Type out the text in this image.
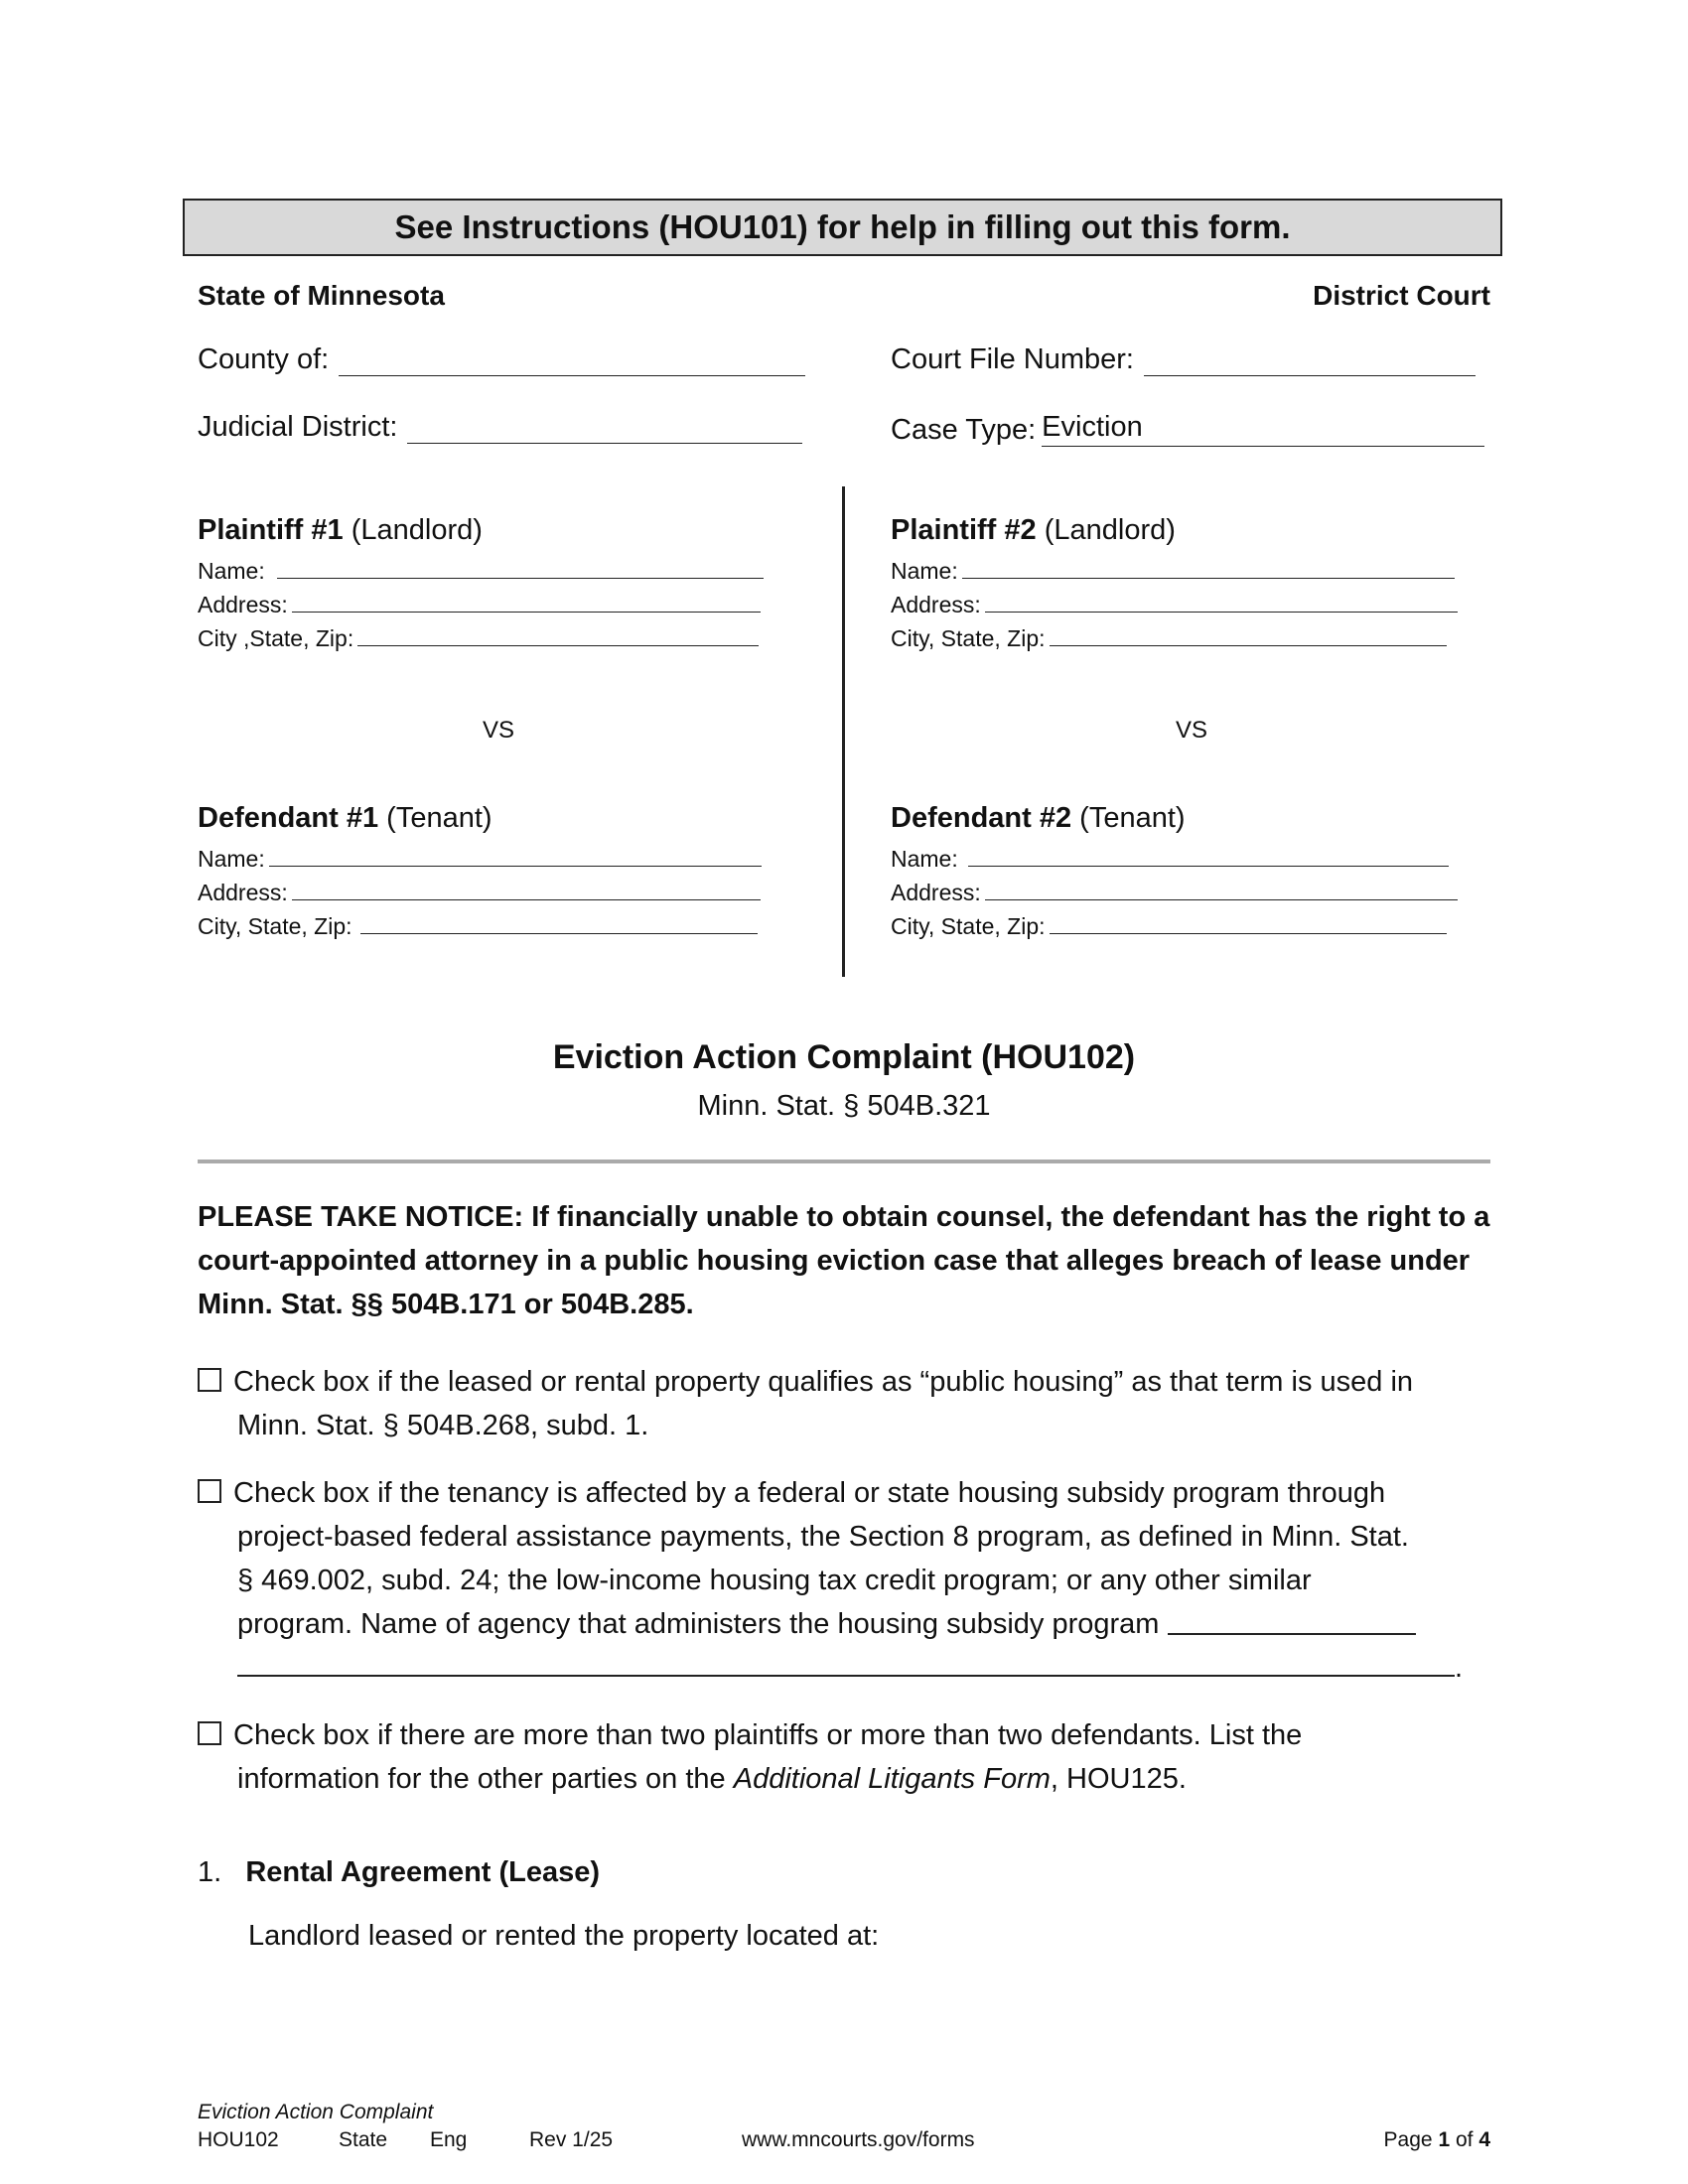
See Instructions (HOU101) for help in filling out this form.
State of Minnesota	District Court
County of:	Court File Number:
Judicial District:	Case Type: Eviction
Plaintiff #1 (Landlord)
Name:
Address:
City ,State, Zip:
Plaintiff #2 (Landlord)
Name:
Address:
City, State, Zip:
VS	VS
Defendant #1 (Tenant)
Name:
Address:
City, State, Zip:
Defendant #2 (Tenant)
Name:
Address:
City, State, Zip:
Eviction Action Complaint (HOU102)
Minn. Stat. § 504B.321
PLEASE TAKE NOTICE: If financially unable to obtain counsel, the defendant has the right to a court-appointed attorney in a public housing eviction case that alleges breach of lease under Minn. Stat. §§ 504B.171 or 504B.285.
Check box if the leased or rental property qualifies as “public housing” as that term is used in
Minn. Stat. § 504B.268, subd. 1.
Check box if the tenancy is affected by a federal or state housing subsidy program through
project-based federal assistance payments, the Section 8 program, as defined in Minn. Stat.
§ 469.002, subd. 24; the low-income housing tax credit program; or any other similar
program. Name of agency that administers the housing subsidy program
.
Check box if there are more than two plaintiffs or more than two defendants. List the
information for the other parties on the Additional Litigants Form, HOU125.
1. Rental Agreement (Lease)
Landlord leased or rented the property located at:
Eviction Action Complaint
HOU102	State	Eng	Rev 1/25	www.mncourts.gov/forms	Page 1 of 4
